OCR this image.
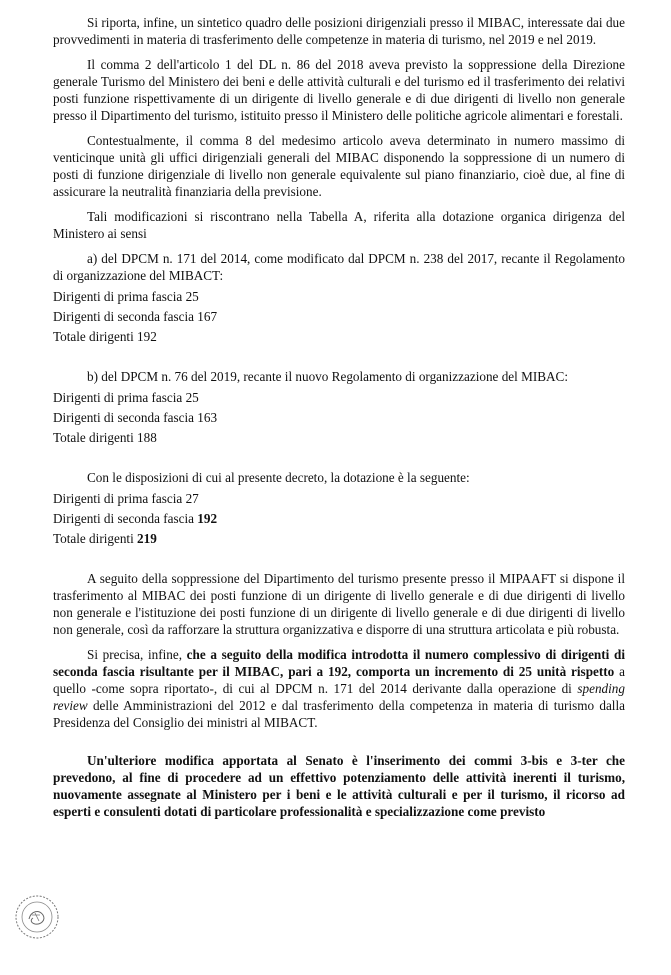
Si riporta, infine, un sintetico quadro delle posizioni dirigenziali presso il MIBAC, interessate dai due provvedimenti in materia di trasferimento delle competenze in materia di turismo, nel 2019 e nel 2019.

Il comma 2 dell'articolo 1 del DL n. 86 del 2018 aveva previsto la soppressione della Direzione generale Turismo del Ministero dei beni e delle attività culturali e del turismo ed il trasferimento dei relativi posti funzione rispettivamente di un dirigente di livello generale e di due dirigenti di livello non generale presso il Dipartimento del turismo, istituito presso il Ministero delle politiche agricole alimentari e forestali.

Contestualmente, il comma 8 del medesimo articolo aveva determinato in numero massimo di venticinque unità gli uffici dirigenziali generali del MIBAC disponendo la soppressione di un numero di posti di funzione dirigenziale di livello non generale equivalente sul piano finanziario, cioè due, al fine di assicurare la neutralità finanziaria della previsione.

Tali modificazioni si riscontrano nella Tabella A, riferita alla dotazione organica dirigenza del Ministero ai sensi

a) del DPCM n. 171 del 2014, come modificato dal DPCM n. 238 del 2017, recante il Regolamento di organizzazione del MIBACT:

Dirigenti di prima fascia 25

Dirigenti di seconda fascia 167

Totale dirigenti 192

b) del DPCM n. 76 del 2019, recante il nuovo Regolamento di organizzazione del MIBAC:

Dirigenti di prima fascia 25

Dirigenti di seconda fascia 163

Totale dirigenti 188

Con le disposizioni di cui al presente decreto, la dotazione è la seguente:

Dirigenti di prima fascia 27

Dirigenti di seconda fascia 192

Totale dirigenti 219

A seguito della soppressione del Dipartimento del turismo presente presso il MIPAAFT si dispone il trasferimento al MIBAC dei posti funzione di un dirigente di livello generale e di due dirigenti di livello non generale e l'istituzione dei posti funzione di un dirigente di livello generale e di due dirigenti di livello non generale, così da rafforzare la struttura organizzativa e disporre di una struttura articolata e più robusta.

Si precisa, infine, che a seguito della modifica introdotta il numero complessivo di dirigenti di seconda fascia risultante per il MIBAC, pari a 192, comporta un incremento di 25 unità rispetto a quello -come sopra riportato-, di cui al DPCM n. 171 del 2014 derivante dalla operazione di spending review delle Amministrazioni del 2012 e dal trasferimento della competenza in materia di turismo dalla Presidenza del Consiglio dei ministri al MIBACT.

Un'ulteriore modifica apportata al Senato è l'inserimento dei commi 3-bis e 3-ter che prevedono, al fine di procedere ad un effettivo potenziamento delle attività inerenti il turismo, nuovamente assegnate al Ministero per i beni e le attività culturali e per il turismo, il ricorso ad esperti e consulenti dotati di particolare professionalità e specializzazione come previsto
